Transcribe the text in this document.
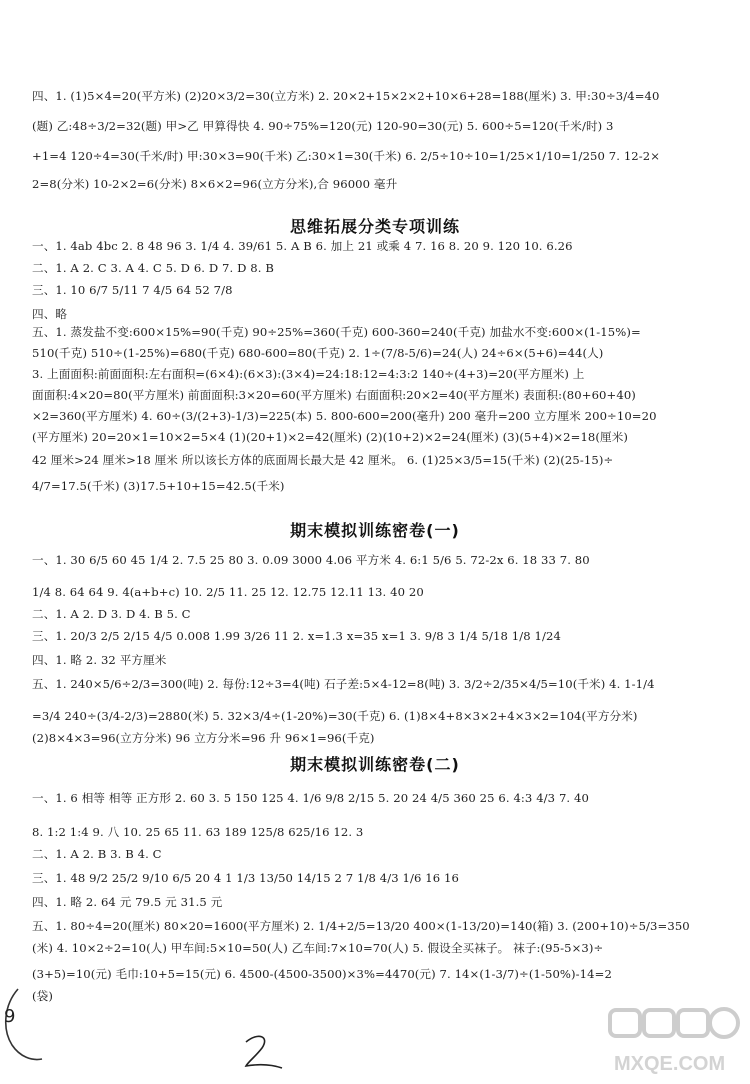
四、1. (1)5×4=20(平方米) (2)20×3/2=30(立方米) 2. 20×2+15×2×2+10×6+28=188(厘米) 3. 甲:30÷3/4=40

(题) 乙:48÷3/2=32(题) 甲>乙 甲算得快 4. 90÷75%=120(元) 120-90=30(元) 5. 600÷5=120(千米/时) 3

+1=4 120÷4=30(千米/时) 甲:30×3=90(千米) 乙:30×1=30(千米) 6. 2/5÷10÷10=1/25×1/10=1/250 7. 12-2×

2=8(分米) 10-2×2=6(分米) 8×6×2=96(立方分米),合 96000 毫升

思维拓展分类专项训练

一、1. 4ab 4bc 2. 8 48 96 3. 1/4 4. 39/61 5. A B 6. 加上 21 或乘 4 7. 16 8. 20 9. 120 10. 6.26

二、1. A 2. C 3. A 4. C 5. D 6. D 7. D 8. B

三、1. 10 6/7 5/11 7 4/5 64 52 7/8

四、略

五、1. 蒸发盐不变:600×15%=90(千克) 90÷25%=360(千克) 600-360=240(千克) 加盐水不变:600×(1-15%)=

510(千克) 510÷(1-25%)=680(千克) 680-600=80(千克) 2. 1÷(7/8-5/6)=24(人) 24÷6×(5+6)=44(人)

3. 上面面积:前面面积:左右面积=(6×4):(6×3):(3×4)=24:18:12=4:3:2 140÷(4+3)=20(平方厘米) 上

面面积:4×20=80(平方厘米) 前面面积:3×20=60(平方厘米) 右面面积:20×2=40(平方厘米) 表面积:(80+60+40)

×2=360(平方厘米) 4. 60÷(3/(2+3)-1/3)=225(本) 5. 800-600=200(毫升) 200 毫升=200 立方厘米 200÷10=20

(平方厘米) 20=20×1=10×2=5×4 (1)(20+1)×2=42(厘米) (2)(10+2)×2=24(厘米) (3)(5+4)×2=18(厘米)

42 厘米>24 厘米>18 厘米 所以该长方体的底面周长最大是 42 厘米。 6. (1)25×3/5=15(千米) (2)(25-15)÷

4/7=17.5(千米) (3)17.5+10+15=42.5(千米)

期末模拟训练密卷(一)

一、1. 30 6/5 60 45 1/4 2. 7.5 25 80 3. 0.09 3000 4.06 平方米 4. 6:1 5/6 5. 72-2x 6. 18 33 7. 80

1/4 8. 64 64 9. 4(a+b+c) 10. 2/5 11. 25 12. 12.75 12.11 13. 40 20

二、1. A 2. D 3. D 4. B 5. C

三、1. 20/3 2/5 2/15 4/5 0.008 1.99 3/26 11 2. x=1.3 x=35 x=1 3. 9/8 3 1/4 5/18 1/8 1/24

四、1. 略 2. 32 平方厘米

五、1. 240×5/6÷2/3=300(吨) 2. 每份:12÷3=4(吨) 石子差:5×4-12=8(吨) 3. 3/2÷2/35×4/5=10(千米) 4. 1-1/4

=3/4 240÷(3/4-2/3)=2880(米) 5. 32×3/4÷(1-20%)=30(千克) 6. (1)8×4+8×3×2+4×3×2=104(平方分米)

(2)8×4×3=96(立方分米) 96 立方分米=96 升 96×1=96(千克)

期末模拟训练密卷(二)

一、1. 6 相等 相等 正方形 2. 60 3. 5 150 125 4. 1/6 9/8 2/15 5. 20 24 4/5 360 25 6. 4:3 4/3 7. 40

8. 1:2 1:4 9. 八 10. 25 65 11. 63 189 125/8 625/16 12. 3

二、1. A 2. B 3. B 4. C

三、1. 48 9/2 25/2 9/10 6/5 20 4 1 1/3 13/50 14/15 2 7 1/8 4/3 1/6 16 16

四、1. 略 2. 64 元 79.5 元 31.5 元

五、1. 80÷4=20(厘米) 80×20=1600(平方厘米) 2. 1/4+2/5=13/20 400×(1-13/20)=140(箱) 3. (200+10)÷5/3=350

(米) 4. 10×2÷2=10(人) 甲车间:5×10=50(人) 乙车间:7×10=70(人) 5. 假设全买袜子。 袜子:(95-5×3)÷

(3+5)=10(元) 毛巾:10+5=15(元) 6. 4500-(4500-3500)×3%=4470(元) 7. 14×(1-3/7)÷(1-50%)-14=2

(袋)

9
MXQE.COM
